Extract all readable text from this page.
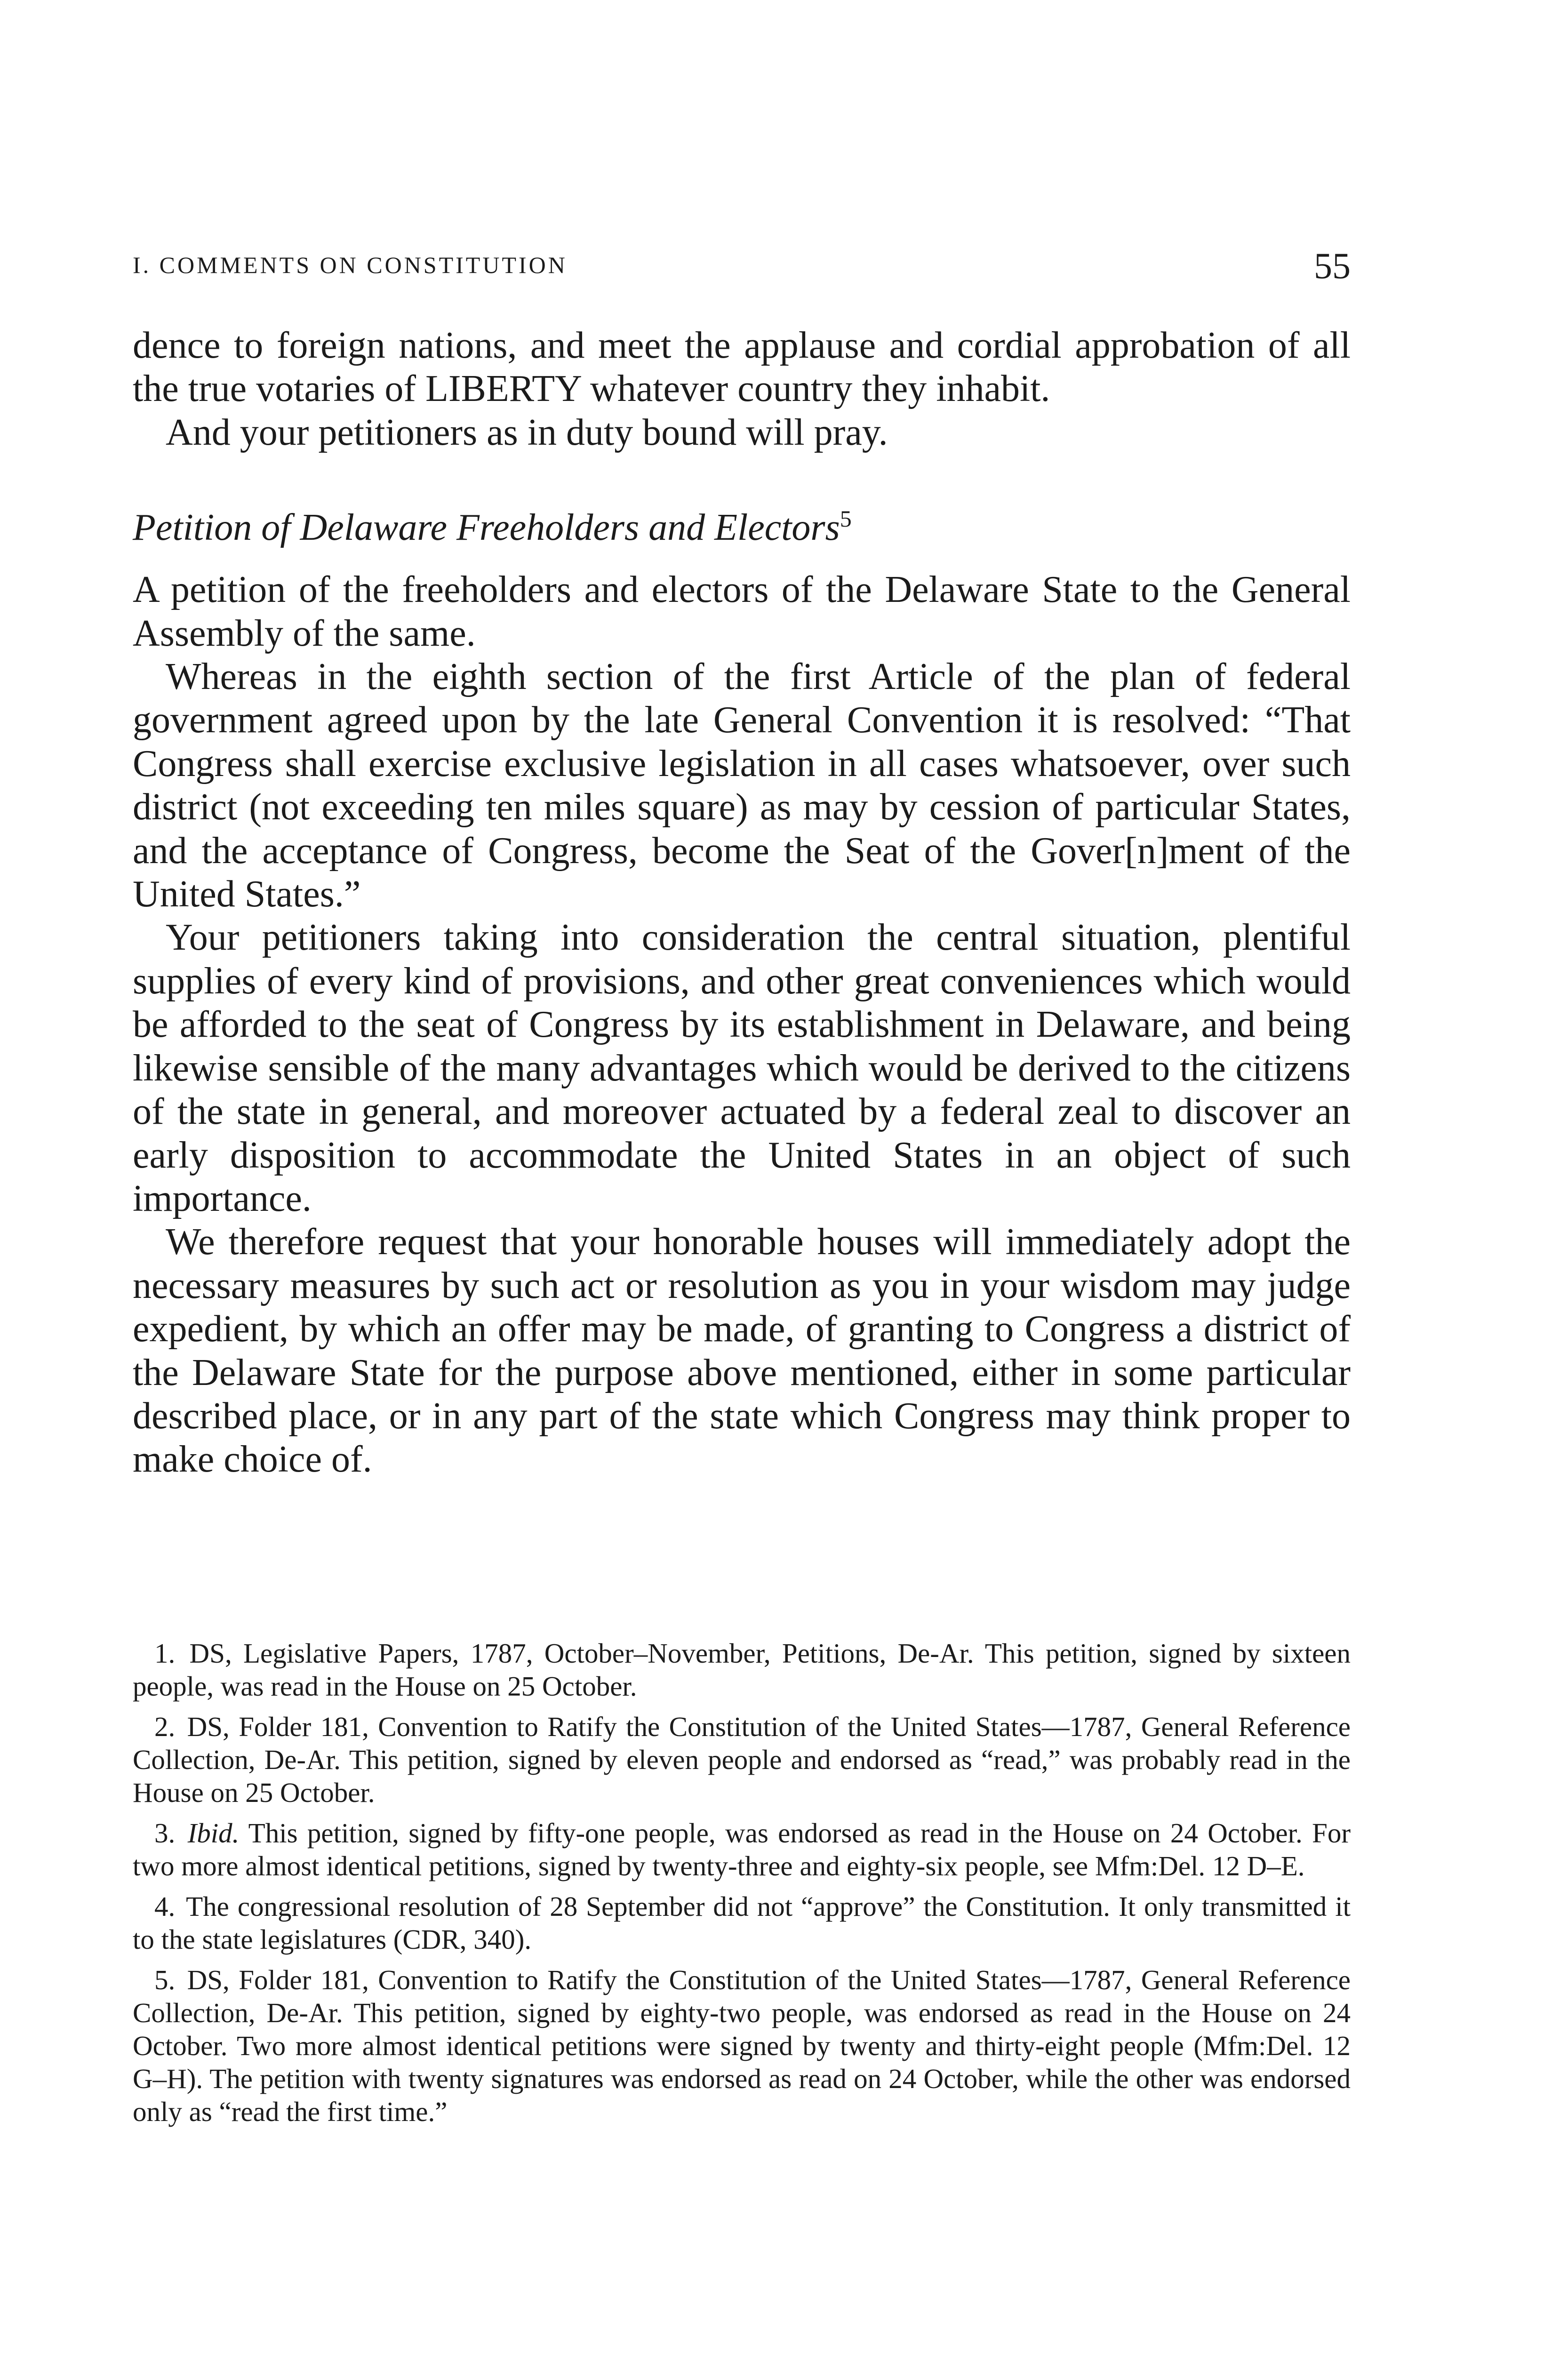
I. COMMENTS ON CONSTITUTION	55

dence to foreign nations, and meet the applause and cordial approbation of all the true votaries of LIBERTY whatever country they inhabit.

And your petitioners as in duty bound will pray.

Petition of Delaware Freeholders and Electors$^5$

A petition of the freeholders and electors of the Delaware State to the General Assembly of the same.

Whereas in the eighth section of the first Article of the plan of federal government agreed upon by the late General Convention it is resolved: “That Congress shall exercise exclusive legislation in all cases whatsoever, over such district (not exceeding ten miles square) as may by cession of particular States, and the acceptance of Congress, become the Seat of the Gover[n]ment of the United States.”

Your petitioners taking into consideration the central situation, plentiful supplies of every kind of provisions, and other great conveniences which would be afforded to the seat of Congress by its establishment in Delaware, and being likewise sensible of the many advantages which would be derived to the citizens of the state in general, and moreover actuated by a federal zeal to discover an early disposition to accommodate the United States in an object of such importance.

We therefore request that your honorable houses will immediately adopt the necessary measures by such act or resolution as you in your wisdom may judge expedient, by which an offer may be made, of granting to Congress a district of the Delaware State for the purpose above mentioned, either in some particular described place, or in any part of the state which Congress may think proper to make choice of.

1. DS, Legislative Papers, 1787, October–November, Petitions, De-Ar. This petition, signed by sixteen people, was read in the House on 25 October.

2. DS, Folder 181, Convention to Ratify the Constitution of the United States—1787, General Reference Collection, De-Ar. This petition, signed by eleven people and endorsed as “read,” was probably read in the House on 25 October.

3. Ibid. This petition, signed by fifty-one people, was endorsed as read in the House on 24 October. For two more almost identical petitions, signed by twenty-three and eighty-six people, see Mfm:Del. 12 D–E.

4. The congressional resolution of 28 September did not “approve” the Constitution. It only transmitted it to the state legislatures (CDR, 340).

5. DS, Folder 181, Convention to Ratify the Constitution of the United States—1787, General Reference Collection, De-Ar. This petition, signed by eighty-two people, was endorsed as read in the House on 24 October. Two more almost identical petitions were signed by twenty and thirty-eight people (Mfm:Del. 12 G–H). The petition with twenty signatures was endorsed as read on 24 October, while the other was endorsed only as “read the first time.”
